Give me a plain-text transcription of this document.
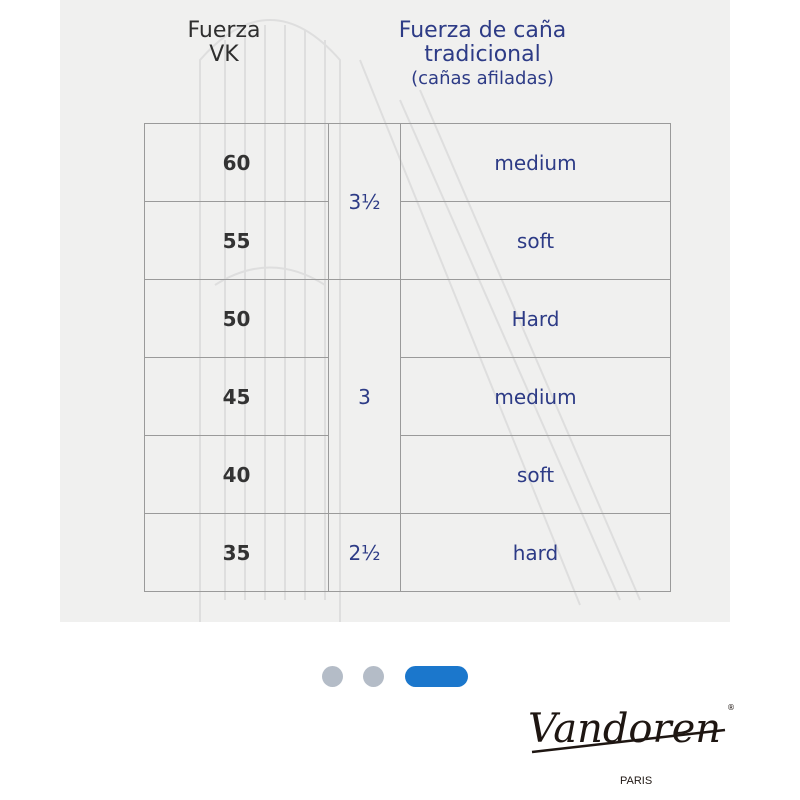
Fuerza
VK
Fuerza de caña
tradicional
(cañas afiladas)
60	3½	medium
55		soft
50	3	Hard
45		medium
40		soft
35	2½	hard
Vandoren ®
PARIS
